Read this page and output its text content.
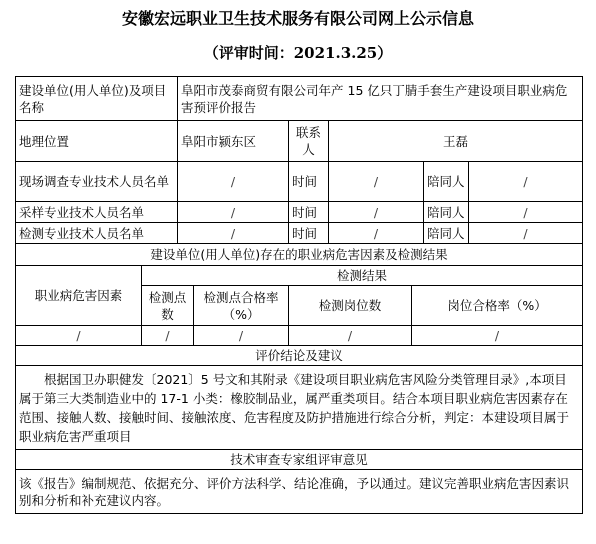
安徽宏远职业卫生技术服务有限公司网上公示信息
（评审时间：2021.3.25）
建设单位(用人单位)及项目名称		阜阳市茂泰商贸有限公司年产 15 亿只丁腈手套生产建设项目职业病危害预评价报告						
地理位置		阜阳市颍东区		联系人	王磊			
现场调查专业技术人员名单		/		时间	/		陪同人	/
采样专业技术人员名单		/		时间	/		陪同人	/
检测专业技术人员名单		/		时间	/		陪同人	/
建设单位(用人单位)存在的职业病危害因素及检测结果								
职业病危害因素	检测结果							
	检测点数		检测点合格率（%）	检测岗位数		岗位合格率（%）		
/	/		/	/		/		
评价结论及建议								
根据国卫办职健发〔2021〕5 号文和其附录《建设项目职业病危害风险分类管理目录》,本项目属于第三大类制造业中的 17-1 小类：橡胶制品业，属严重类项目。结合本项目职业病危害因素存在范围、接触人数、接触时间、接触浓度、危害程度及防护措施进行综合分析，判定：本建设项目属于职业病危害严重项目								
技术审查专家组评审意见								
该《报告》编制规范、依据充分、评价方法科学、结论准确，予以通过。建议完善职业病危害因素识别和分析和补充建议内容。								
